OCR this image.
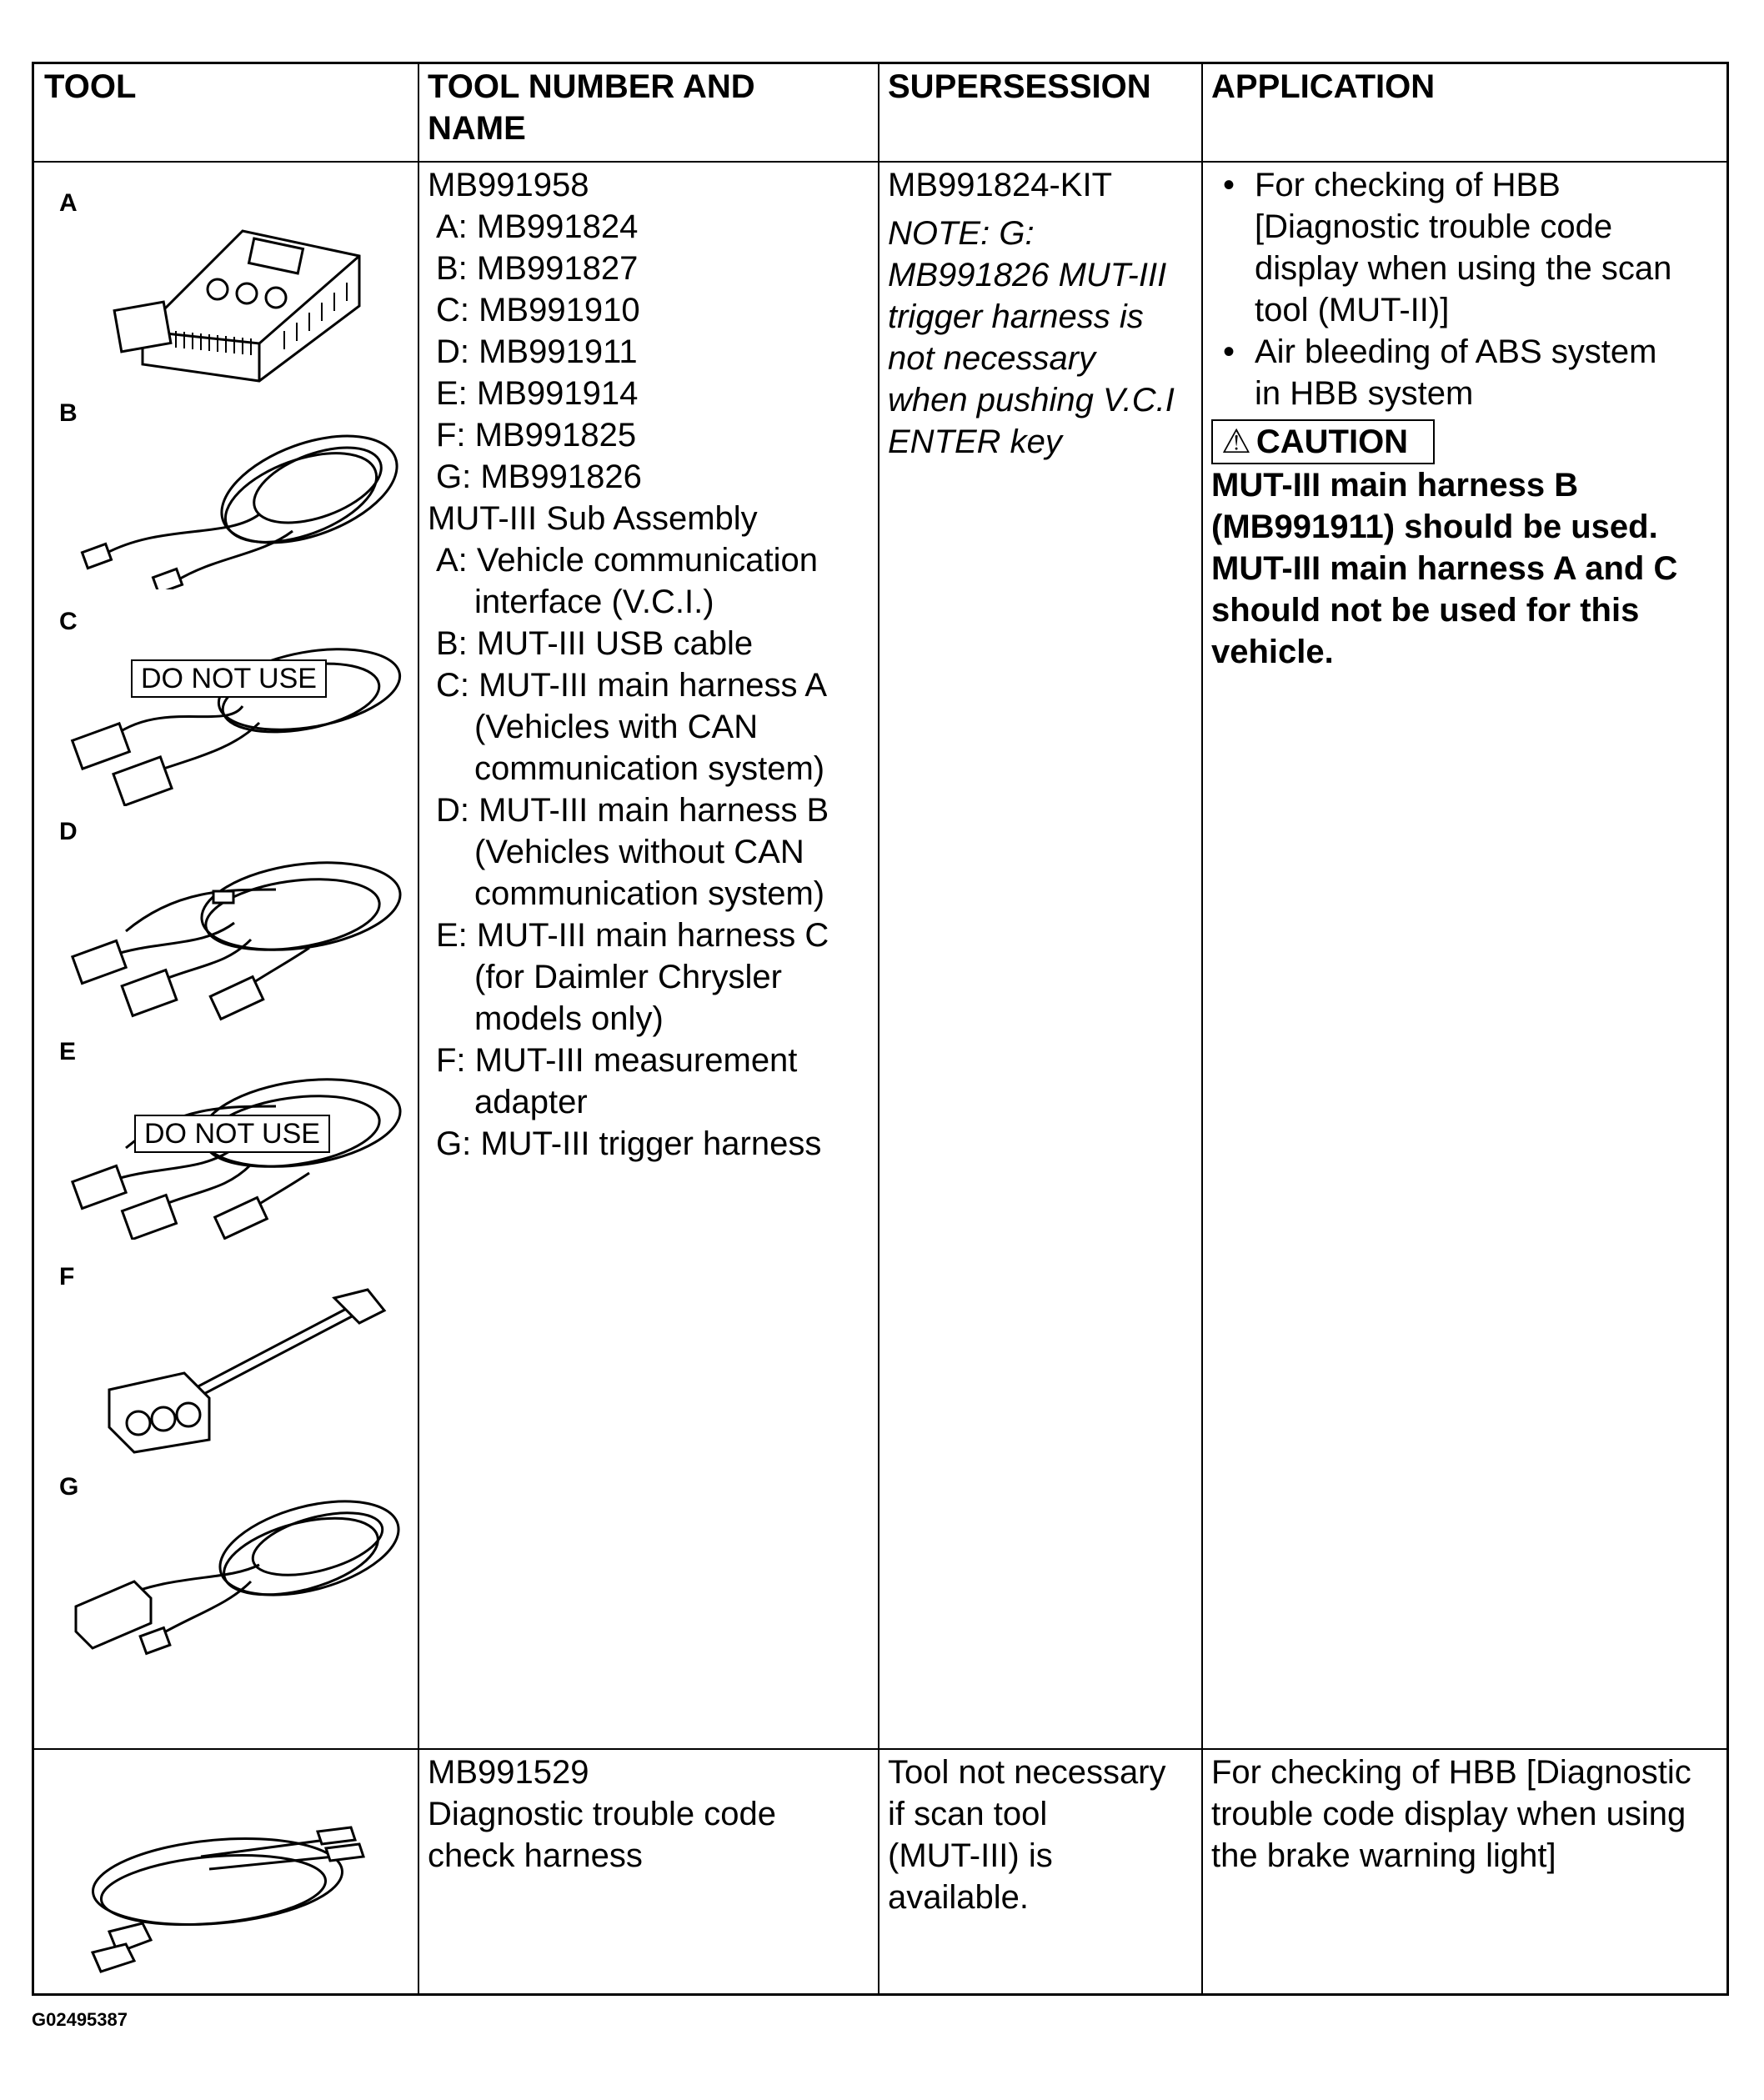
TOOL	TOOL NUMBER AND
NAME
SUPERSESSION APPLICATION
A
B
C
DO NOT USE
D
E
DO NOT USE
F
G
MB991958
A: MB991824
B: MB991827
C: MB991910
D: MB991911
E: MB991914
F: MB991825
G: MB991826
MUT-III Sub Assembly
A: Vehicle communication
interface (V.C.I.)
B: MUT-III USB cable
C: MUT-III main harness A
(Vehicles with CAN
communication system)
D: MUT-III main harness B
(Vehicles without CAN
communication system)
E: MUT-III main harness C
(for Daimler Chrysler
models only)
F: MUT-III measurement
adapter
G: MUT-III trigger harness
MB991824-KIT
NOTE: G:
MB991826 MUT-III
trigger harness is
not necessary
when pushing V.C.I
ENTER key
• For checking of HBB
[Diagnostic trouble code
display when using the scan
tool (MUT-II)]
• Air bleeding of ABS system
in HBB system
⚠ CAUTION
MUT-III main harness B
(MB991911) should be used.
MUT-III main harness A and C
should not be used for this
vehicle.
MB991529
Diagnostic trouble code
check harness
Tool not necessary
if scan tool
(MUT-III) is
available.
For checking of HBB [Diagnostic
trouble code display when using
the brake warning light]
G02495387
